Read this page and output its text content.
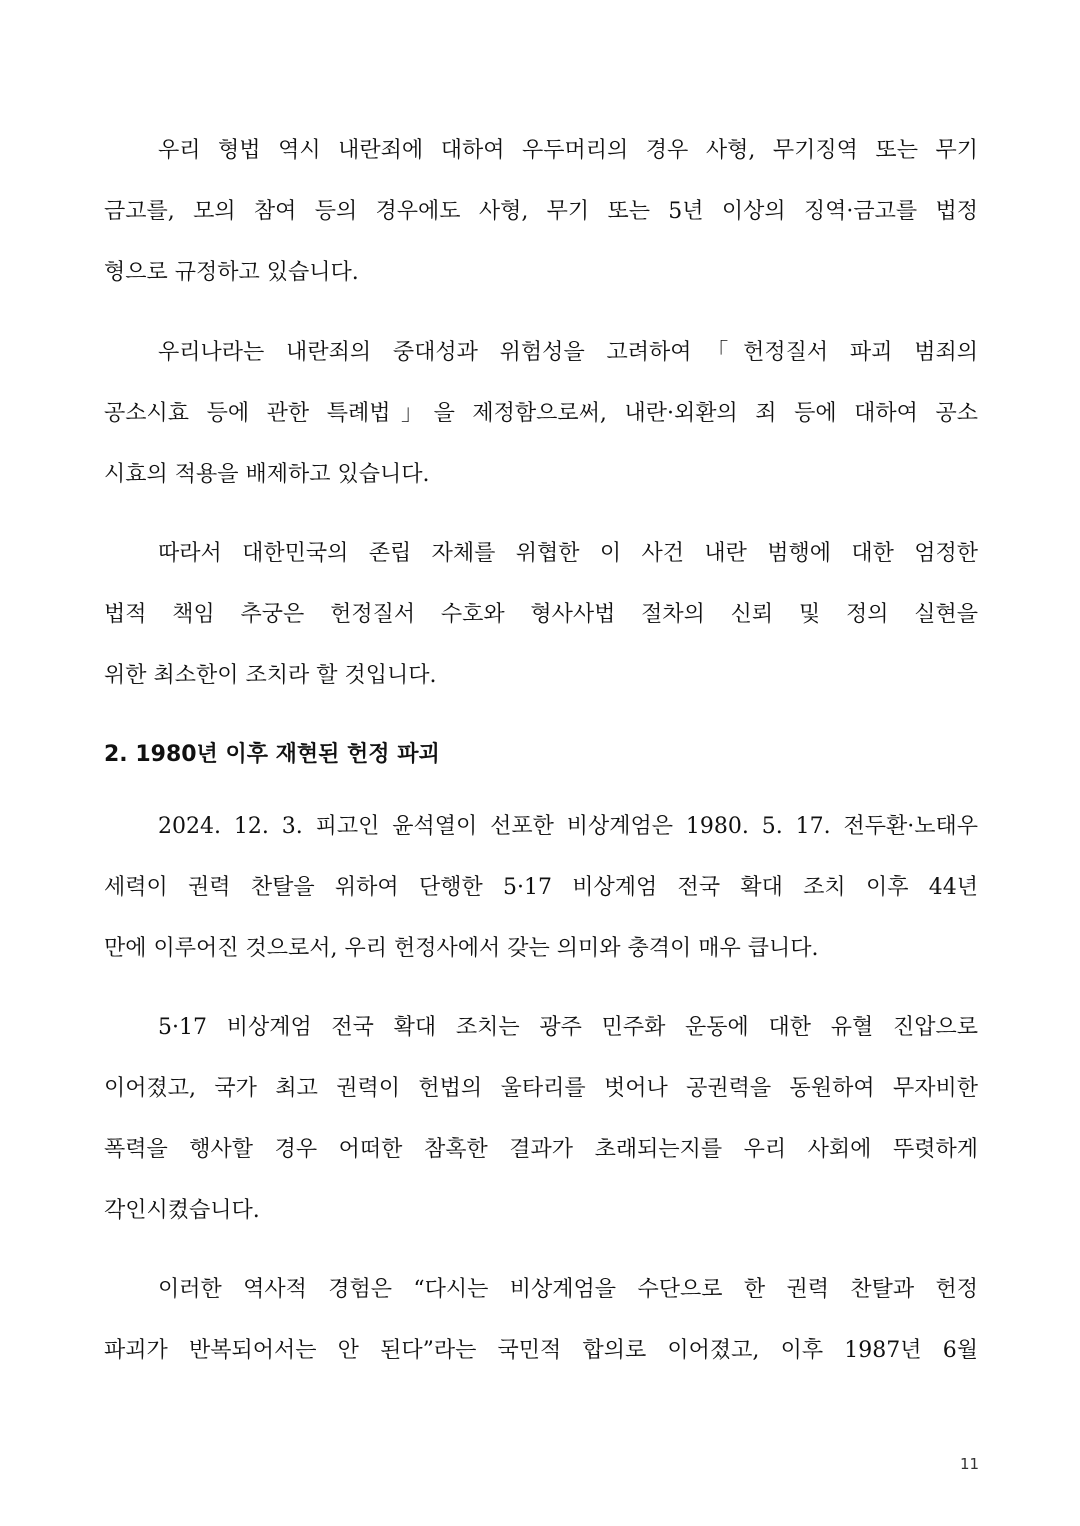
우리 형법 역시 내란죄에 대하여 우두머리의 경우 사형, 무기징역 또는 무기
금고를, 모의 참여 등의 경우에도 사형, 무기 또는 5년 이상의 징역·금고를 법정
형으로 규정하고 있습니다.
우리나라는 내란죄의 중대성과 위험성을 고려하여「헌정질서 파괴 범죄의
공소시효 등에 관한 특례법」을 제정함으로써, 내란·외환의 죄 등에 대하여 공소
시효의 적용을 배제하고 있습니다.
따라서 대한민국의 존립 자체를 위협한 이 사건 내란 범행에 대한 엄정한
법적 책임 추궁은 헌정질서 수호와 형사사법 절차의 신뢰 및 정의 실현을
위한 최소한이 조치라 할 것입니다.
2. 1980년 이후 재현된 헌정 파괴
2024. 12. 3. 피고인 윤석열이 선포한 비상계엄은 1980. 5. 17. 전두환·노태우
세력이 권력 찬탈을 위하여 단행한 5·17 비상계엄 전국 확대 조치 이후 44년
만에 이루어진 것으로서, 우리 헌정사에서 갖는 의미와 충격이 매우 큽니다.
5·17 비상계엄 전국 확대 조치는 광주 민주화 운동에 대한 유혈 진압으로
이어졌고, 국가 최고 권력이 헌법의 울타리를 벗어나 공권력을 동원하여 무자비한
폭력을 행사할 경우 어떠한 참혹한 결과가 초래되는지를 우리 사회에 뚜렷하게
각인시켰습니다.
이러한 역사적 경험은 “다시는 비상계엄을 수단으로 한 권력 찬탈과 헌정
파괴가 반복되어서는 안 된다”라는 국민적 합의로 이어졌고, 이후 1987년 6월
11
